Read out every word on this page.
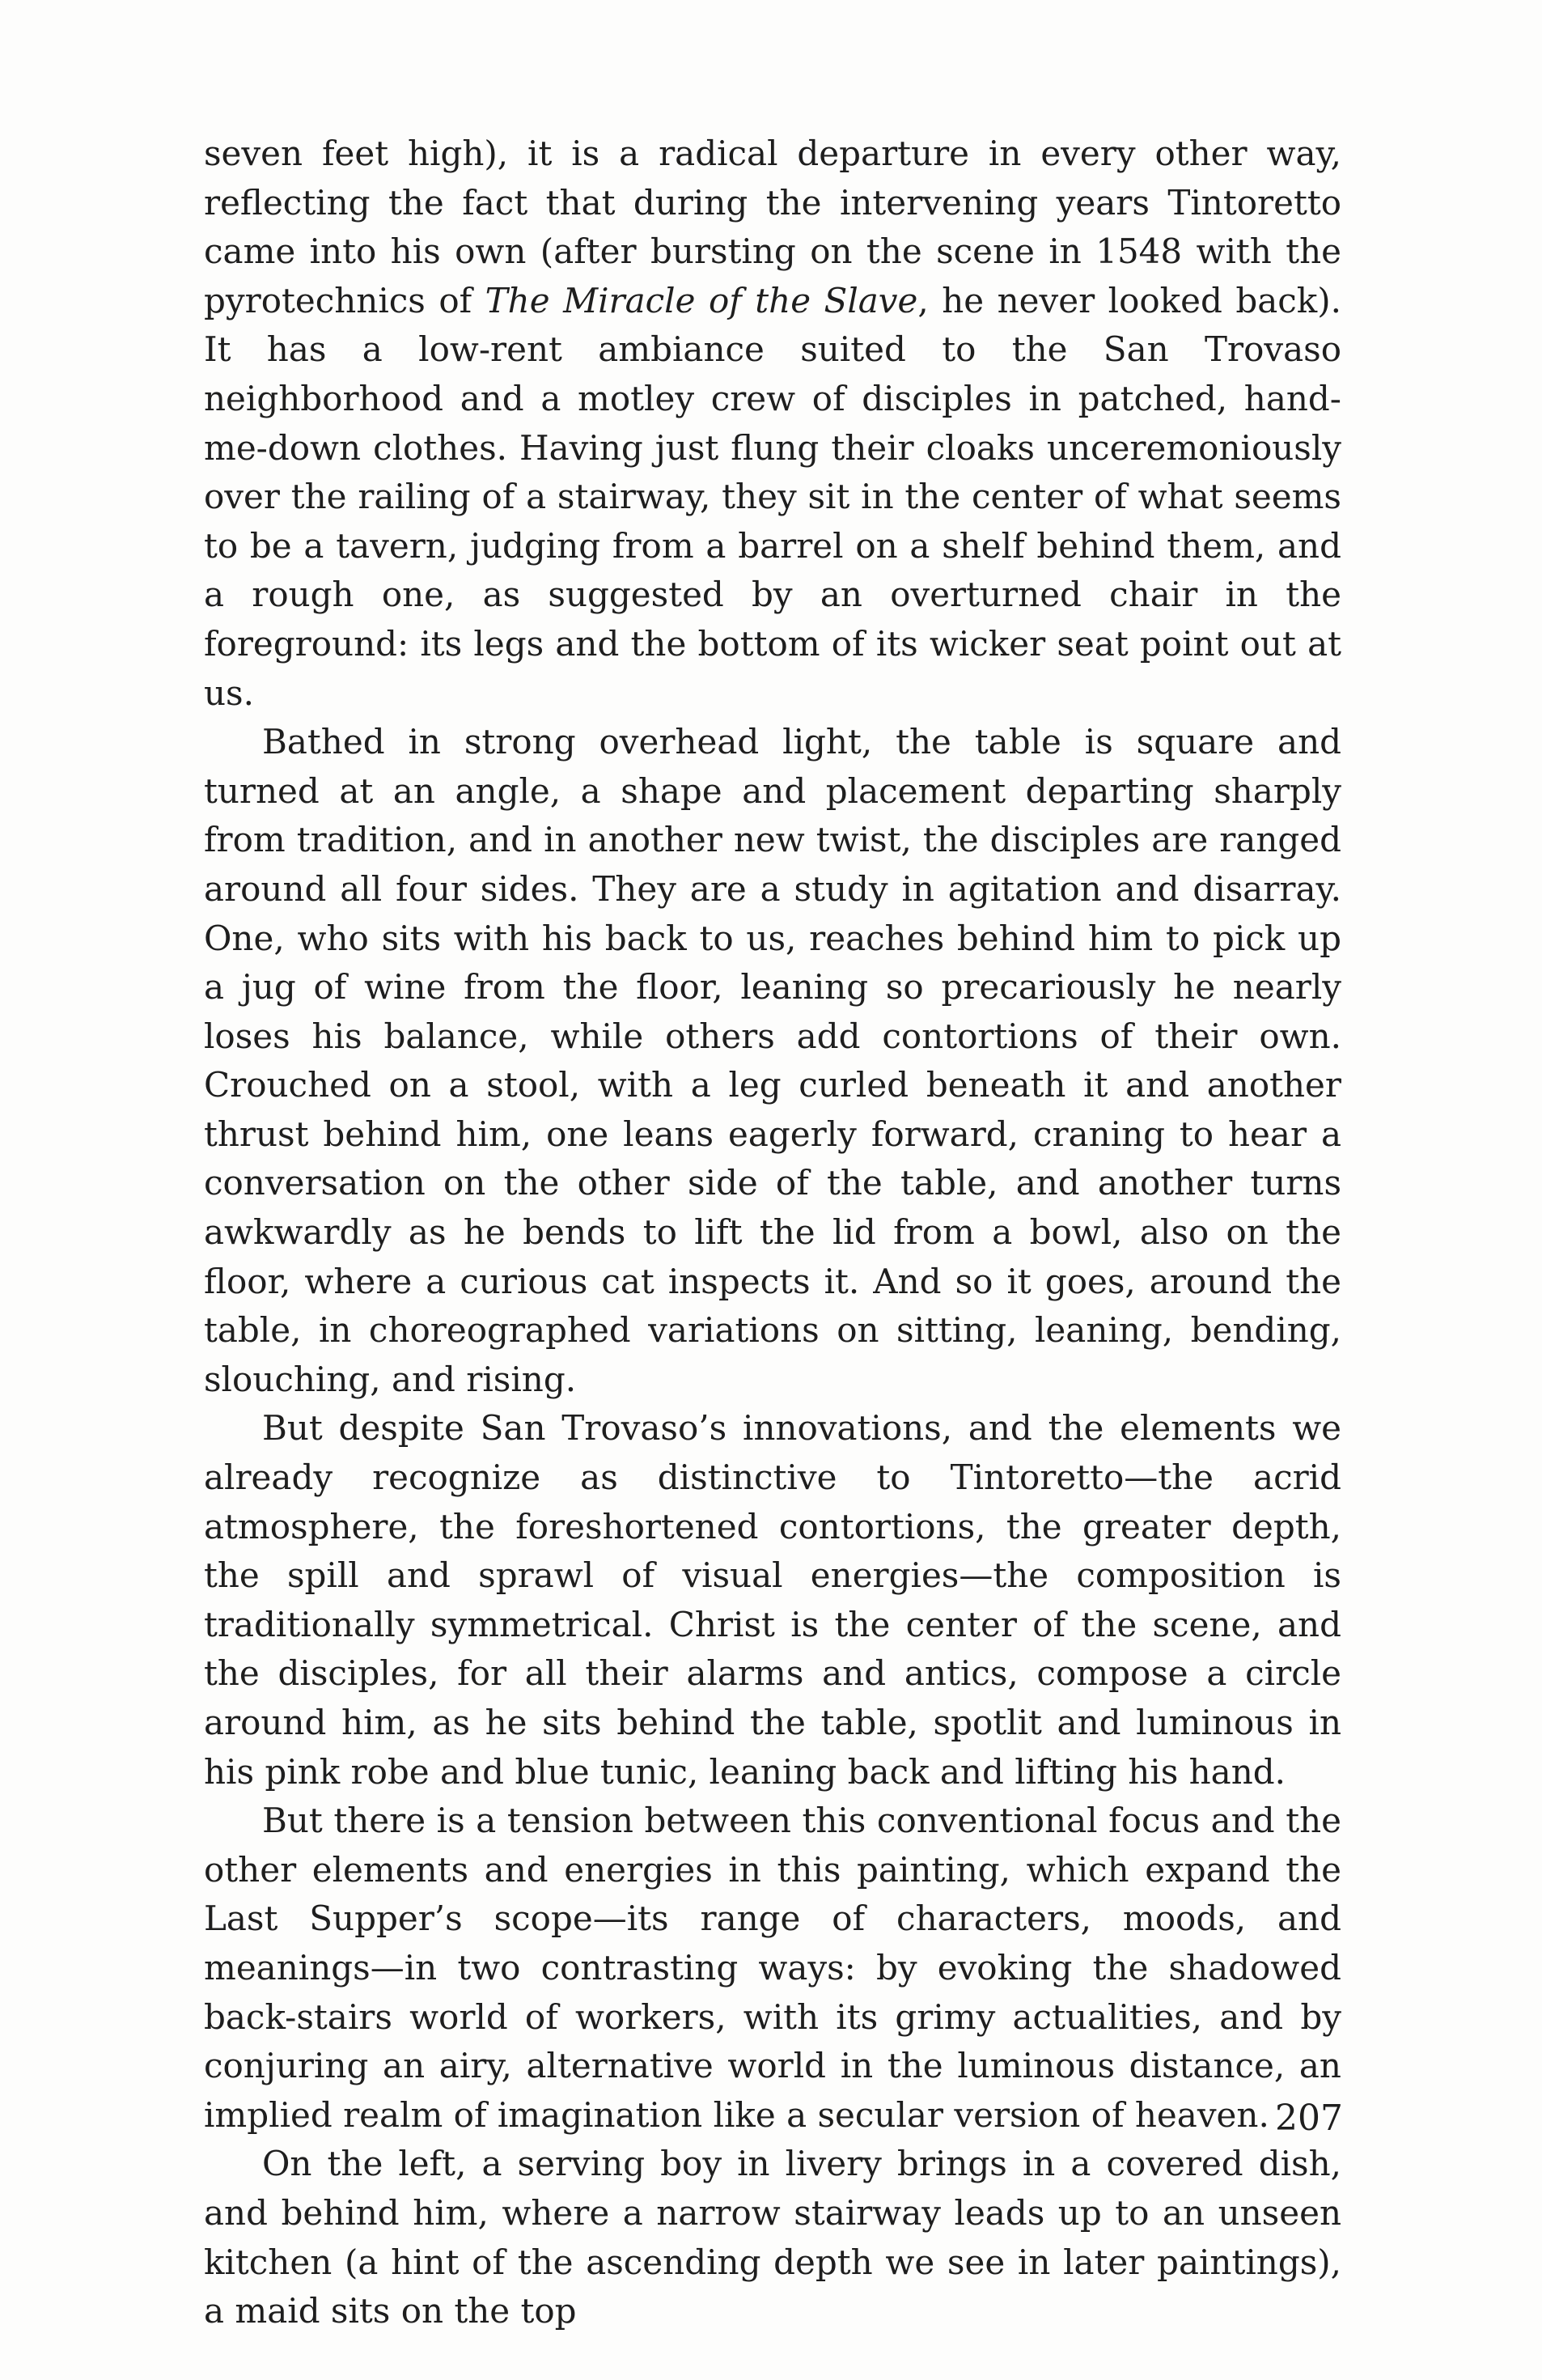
seven feet high), it is a radical departure in every other way, reflecting the fact that during the intervening years Tintoretto came into his own (after bursting on the scene in 1548 with the pyrotechnics of The Miracle of the Slave, he never looked back). It has a low-rent ambiance suited to the San Trovaso neighborhood and a motley crew of disciples in patched, hand-me-down clothes. Having just flung their cloaks unceremoniously over the railing of a stairway, they sit in the center of what seems to be a tavern, judging from a barrel on a shelf behind them, and a rough one, as suggested by an overturned chair in the foreground: its legs and the bottom of its wicker seat point out at us.

Bathed in strong overhead light, the table is square and turned at an angle, a shape and placement departing sharply from tradition, and in another new twist, the disciples are ranged around all four sides. They are a study in agitation and disarray. One, who sits with his back to us, reaches behind him to pick up a jug of wine from the floor, leaning so precariously he nearly loses his balance, while others add contortions of their own. Crouched on a stool, with a leg curled beneath it and another thrust behind him, one leans eagerly forward, craning to hear a conversation on the other side of the table, and another turns awkwardly as he bends to lift the lid from a bowl, also on the floor, where a curious cat inspects it. And so it goes, around the table, in choreographed variations on sitting, leaning, bending, slouching, and rising.

But despite San Trovaso’s innovations, and the elements we already recognize as distinctive to Tintoretto—the acrid atmosphere, the foreshortened contortions, the greater depth, the spill and sprawl of visual energies—the composition is traditionally symmetrical. Christ is the center of the scene, and the disciples, for all their alarms and antics, compose a circle around him, as he sits behind the table, spotlit and luminous in his pink robe and blue tunic, leaning back and lifting his hand.

But there is a tension between this conventional focus and the other elements and energies in this painting, which expand the Last Supper’s scope—its range of characters, moods, and meanings—in two contrasting ways: by evoking the shadowed back-stairs world of workers, with its grimy actualities, and by conjuring an airy, alternative world in the luminous distance, an implied realm of imagination like a secular version of heaven.

On the left, a serving boy in livery brings in a covered dish, and behind him, where a narrow stairway leads up to an unseen kitchen (a hint of the ascending depth we see in later paintings), a maid sits on the top

207
